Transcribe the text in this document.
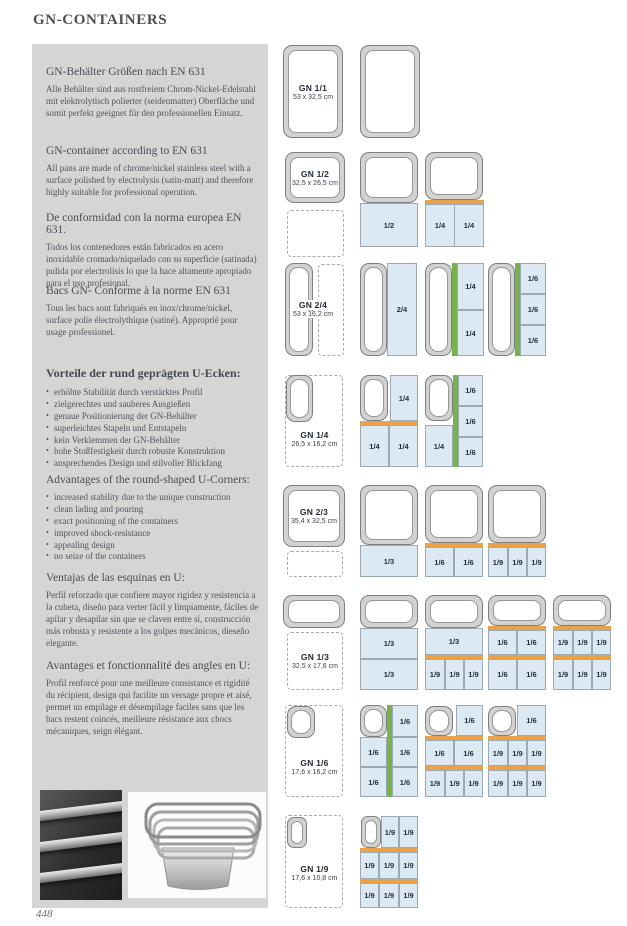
GN-CONTAINERS
GN-Behälter Größen nach EN 631

Alle Behälter sind aus rostfreiem Chrom-Nickel-Edelstahl mit elektrolytisch polierter (seidenmatter) Oberfläche und somit perfekt geeignet für den professionellen Einsatz.

GN-container according to EN 631

All pans are made of chrome/nickel stainless steel with a surface polished by electrolysis (satin-matt) and therefore highly suitable for professional operation.

De conformidad con la norma europea EN 631.

Todos los contenedores están fabricados en acero inoxidable cromado/niquelado con su superficie (satinada) pulida por electrolisis lo que la hace altamente apropiado para el uso profesional.

Bacs GN- Conforme à la norme EN 631

Tous les bacs sont fabriqués en inox/chrome/nickel, surface polie électrolythique (satiné). Approprié pour usage professionel.

Vorteile der rund geprägten U-Ecken:
• erhöhte Stabilität durch verstärktes Profil
• zielgerechtes und sauberes Ausgießen
• genaue Positionierung der GN-Behälter
• superleichtes Stapeln und Entstapeln
• kein Verklemmen der GN-Behälter
• hohe Stoßfestigkeit durch robuste Konstruktion
• ansprechendes Design und stilvoller Blickfang
Advantages of the round-shaped U-Corners:
• increased stability due to the unique construction
• clean lading and pouring
• exact positioning of the containers
• improved shock-resistance
• appealing design
• no seize of the containers
Ventajas de las esquinas en U:

Perfil reforzado que confiere mayor rigidez y resistencia a la cubeta, diseño para verter fácil y limpiamente, fáciles de apilar y desapilar sin que se claven entre sí, construcción más robusta y resistente a los golpes mecánicos, dieseño elegante.

Avantages et fonctionnalité des angles en U:

Profil renforcé pour une meilleure consistance et rigidité du récipient, design qui facilite un versage propre et aisé, permet un empilage et désempilage faciles sans que les bacs restent coincés, meilleure résistance aux chocs mécaniques, seign élégant.

448
GN 1/1
53 x 32,5 cm
GN 1/2
32,5 x 26,5 cm
1/2	1/4	1/4
GN 2/4
53 x 16,2 cm
2/4
1/4
1/4
1/6
1/6
1/6
GN 1/4
26,5 x 16,2 cm
1/4
1/4	1/4	1/4
1/6
1/6
1/6
GN 2/3
35,4 x 32,5 cm
1/3	1/6	1/6	1/9	1/9	1/9
GN 1/3
32,5 x 17,6 cm
1/3
1/3
1/3
1/9	1/9	1/9
1/6	1/6
1/6	1/6
1/9	1/9	1/9
1/9	1/9	1/9
GN 1/6
17,6 x 16,2 cm
1/6
1/6	1/6
1/6	1/6
1/6
1/6	1/6
1/9	1/9	1/9
1/6
1/9	1/9	1/9
1/9	1/9	1/9
GN 1/9
17,6 x 10,8 cm
1/9	1/9
1/9	1/9	1/9
1/9	1/9	1/9
